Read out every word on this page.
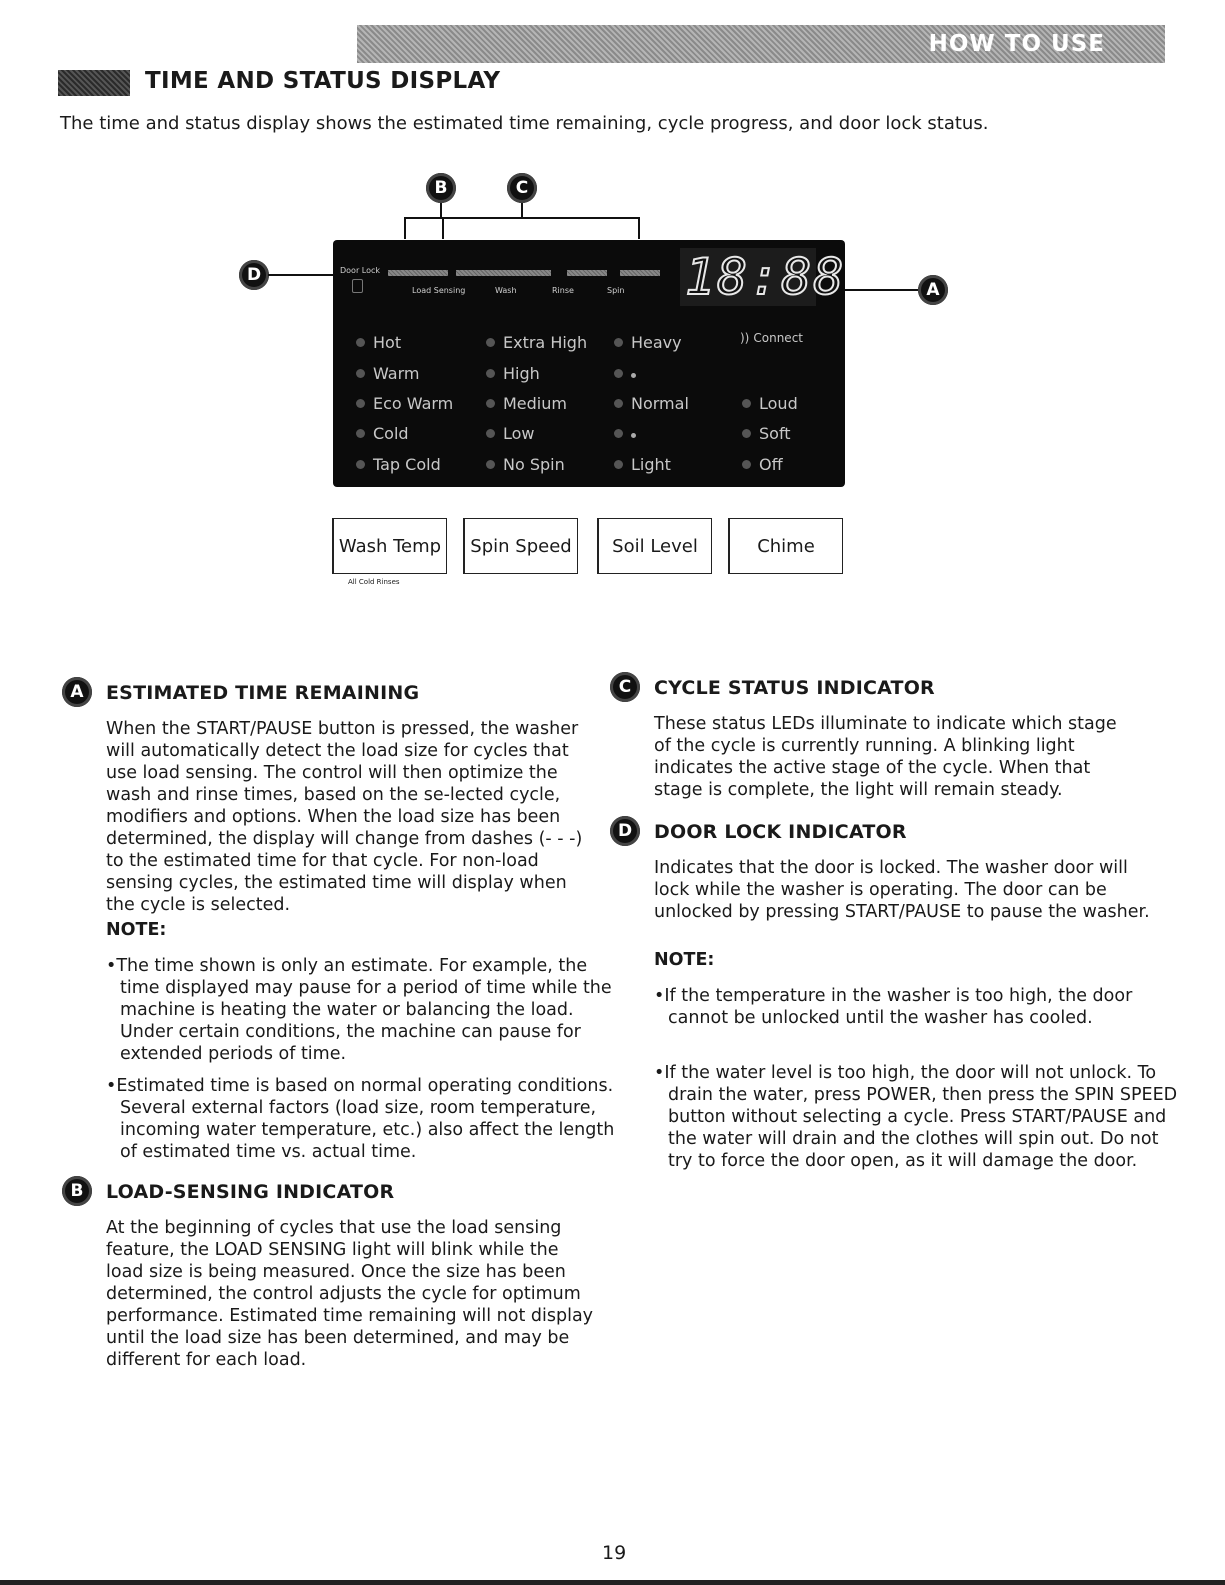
HOW TO USE
TIME AND STATUS DISPLAY
The time and status display shows the estimated time remaining, cycle progress, and door lock status.
B	C
D
A
Door Lock
Load Sensing	Wash	Rinse	Spin 18:88
Hot
Warm
Eco Warm
Cold
Tap Cold
Extra High
High
Medium
Low
No Spin
Heavy
Normal
Light
)) Connect
Loud
Soft
Off
Wash Temp	Spin Speed	Soil Level	Chime
All Cold Rinses
A	ESTIMATED TIME REMAINING

When the START/PAUSE button is pressed, the washer will automatically detect the load size for cycles that use load sensing. The control will then optimize the wash and rinse times, based on the se-lected cycle, modifiers and options. When the load size has been determined, the display will change from dashes (- - -) to the estimated time for that cycle. For non-load sensing cycles, the estimated time will display when the cycle is selected.

NOTE:

•The time shown is only an estimate. For example, the time displayed may pause for a period of time while the machine is heating the water or balancing the load. Under certain conditions, the machine can pause for extended periods of time.

•Estimated time is based on normal operating conditions. Several external factors (load size, room temperature, incoming water temperature, etc.) also affect the length of estimated time vs. actual time.

B	LOAD-SENSING INDICATOR

At the beginning of cycles that use the load sensing feature, the LOAD SENSING light will blink while the load size is being measured. Once the size has been determined, the control adjusts the cycle for optimum performance. Estimated time remaining will not display until the load size has been determined, and may be different for each load.

C	CYCLE STATUS INDICATOR

These status LEDs illuminate to indicate which stage of the cycle is currently running. A blinking light indicates the active stage of the cycle. When that stage is complete, the light will remain steady.

D	DOOR LOCK INDICATOR

Indicates that the door is locked. The washer door will lock while the washer is operating. The door can be unlocked by pressing START/PAUSE to pause the washer.

NOTE:

•If the temperature in the washer is too high, the door cannot be unlocked until the washer has cooled.

•If the water level is too high, the door will not unlock. To drain the water, press POWER, then press the SPIN SPEED button without selecting a cycle. Press START/PAUSE and the water will drain and the clothes will spin out. Do not try to force the door open, as it will damage the door.

19
